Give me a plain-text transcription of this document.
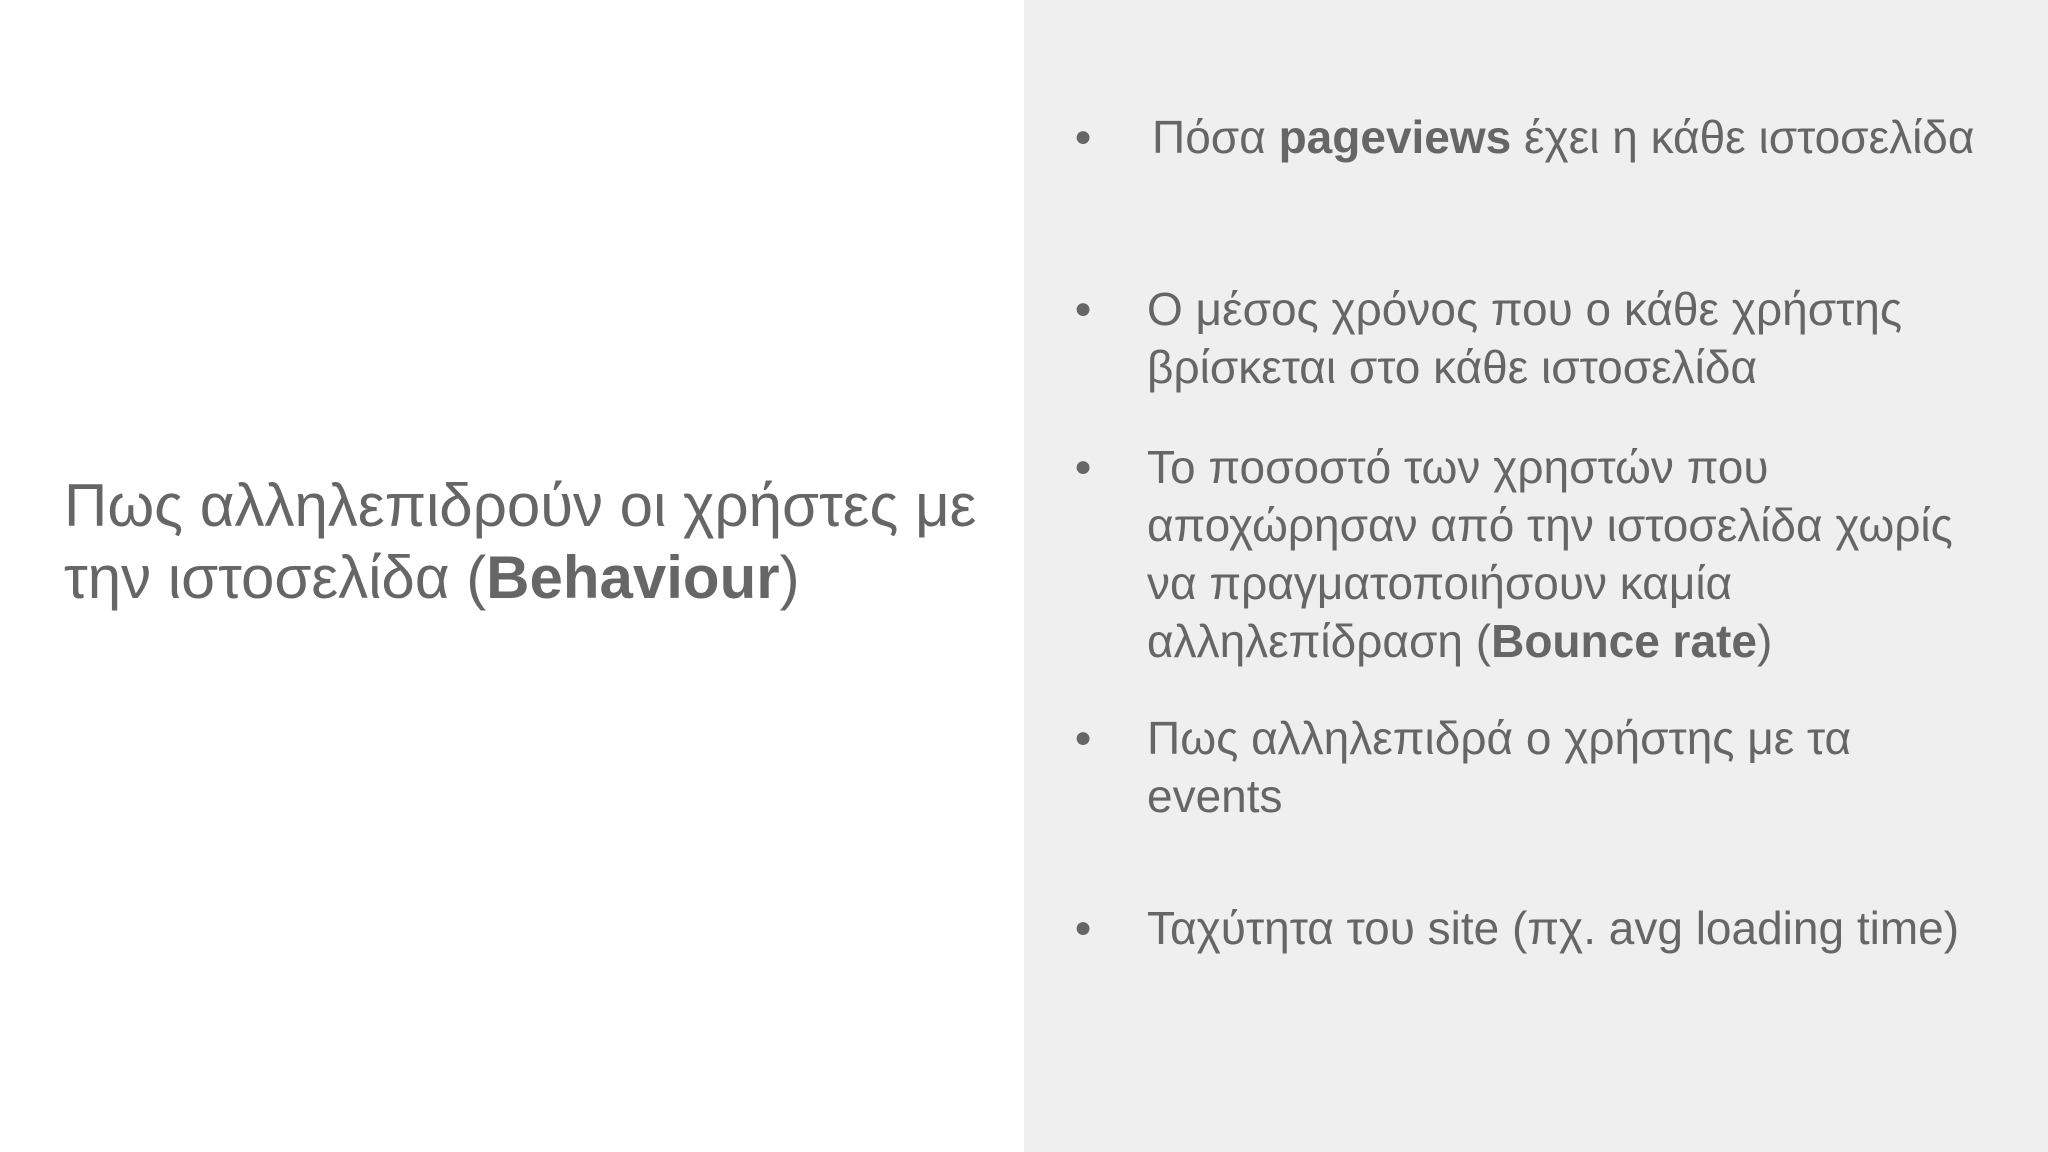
Πως αλληλεπιδρούν οι χρήστες με την ιστοσελίδα (Behaviour)
●	Πόσα pageviews έχει η κάθε ιστοσελίδα
●	Ο μέσος χρόνος που ο κάθε χρήστης
βρίσκεται στο κάθε ιστοσελίδα
●	Το ποσοστό των χρηστών που
αποχώρησαν από την ιστοσελίδα χωρίς
να πραγματοποιήσουν καμία
αλληλεπίδραση (Bounce rate)
●	Πως αλληλεπιδρά ο χρήστης με τα
events
●	Ταχύτητα του site (πχ. avg loading time)
